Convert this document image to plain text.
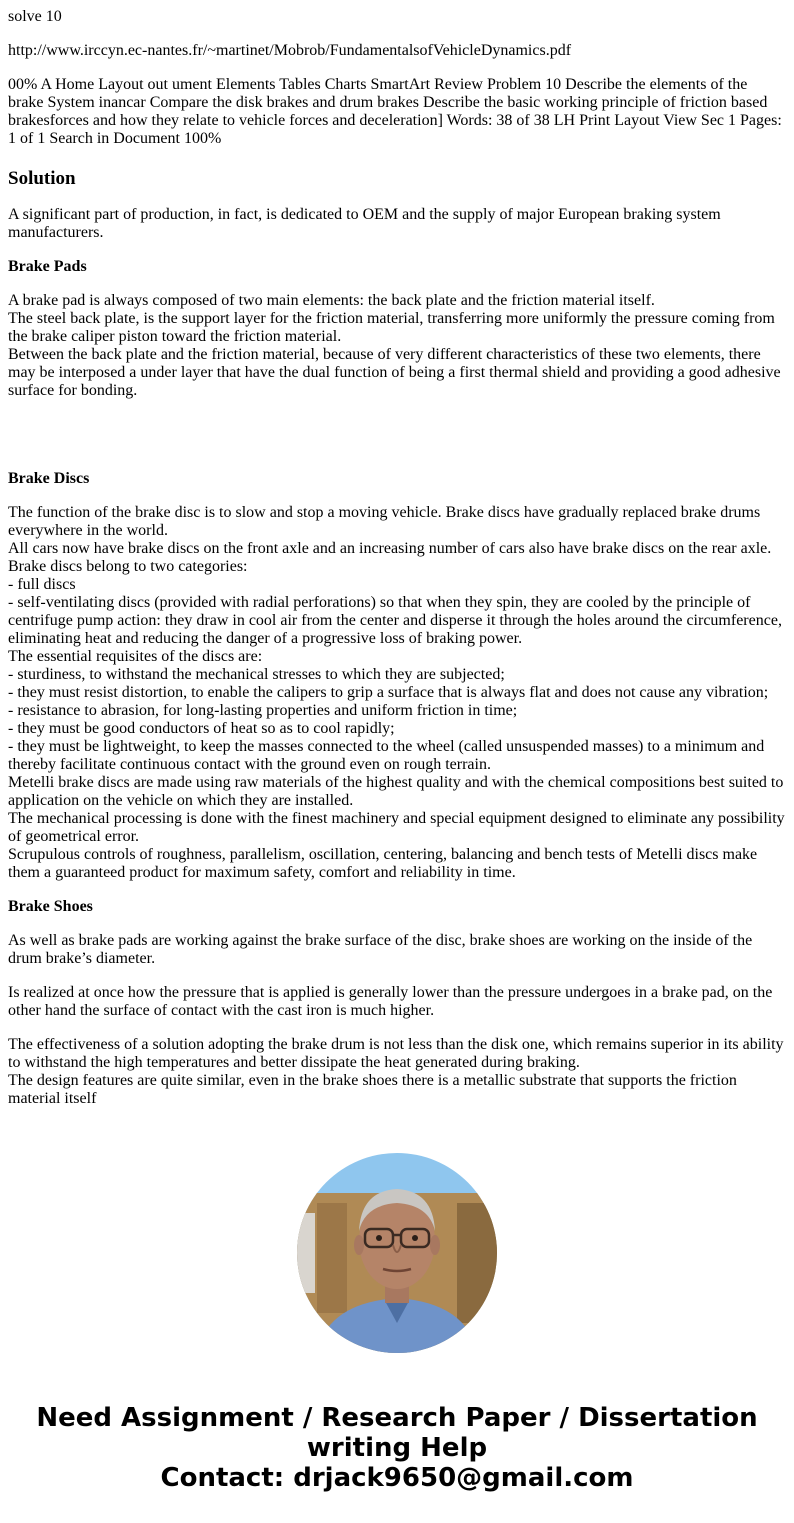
solve 10

http://www.irccyn.ec-nantes.fr/~martinet/Mobrob/FundamentalsofVehicleDynamics.pdf

00% A Home Layout out ument Elements Tables Charts SmartArt Review Problem 10 Describe the elements of the brake System inancar Compare the disk brakes and drum brakes Describe the basic working principle of friction based brakesforces and how they relate to vehicle forces and deceleration] Words: 38 of 38 LH Print Layout View Sec 1 Pages: 1 of 1 Search in Document 100%

Solution

A significant part of production, in fact, is dedicated to OEM and the supply of major European braking system manufacturers.

Brake Pads

A brake pad is always composed of two main elements: the back plate and the friction material itself.
The steel back plate, is the support layer for the friction material, transferring more uniformly the pressure coming from the brake caliper piston toward the friction material.
Between the back plate and the friction material, because of very different characteristics of these two elements, there may be interposed a under layer that have the dual function of being a first thermal shield and providing a good adhesive surface for bonding.

Brake Discs

The function of the brake disc is to slow and stop a moving vehicle. Brake discs have gradually replaced brake drums everywhere in the world.
All cars now have brake discs on the front axle and an increasing number of cars also have brake discs on the rear axle.
Brake discs belong to two categories:
- full discs
- self-ventilating discs (provided with radial perforations) so that when they spin, they are cooled by the principle of centrifuge pump action: they draw in cool air from the center and disperse it through the holes around the circumference, eliminating heat and reducing the danger of a progressive loss of braking power.
The essential requisites of the discs are:
- sturdiness, to withstand the mechanical stresses to which they are subjected;
- they must resist distortion, to enable the calipers to grip a surface that is always flat and does not cause any vibration;
- resistance to abrasion, for long-lasting properties and uniform friction in time;
- they must be good conductors of heat so as to cool rapidly;
- they must be lightweight, to keep the masses connected to the wheel (called unsuspended masses) to a minimum and thereby facilitate continuous contact with the ground even on rough terrain.
Metelli brake discs are made using raw materials of the highest quality and with the chemical compositions best suited to application on the vehicle on which they are installed.
The mechanical processing is done with the finest machinery and special equipment designed to eliminate any possibility of geometrical error.
Scrupulous controls of roughness, parallelism, oscillation, centering, balancing and bench tests of Metelli discs make them a guaranteed product for maximum safety, comfort and reliability in time.

Brake Shoes

As well as brake pads are working against the brake surface of the disc, brake shoes are working on the inside of the drum brake’s diameter.

Is realized at once how the pressure that is applied is generally lower than the pressure undergoes in a brake pad, on the other hand the surface of contact with the cast iron is much higher.

The effectiveness of a solution adopting the brake drum is not less than the disk one, which remains superior in its ability to withstand the high temperatures and better dissipate the heat generated during braking.
The design features are quite similar, even in the brake shoes there is a metallic substrate that supports the friction material itself

Need Assignment / Research Paper / Dissertation
writing Help
Contact: drjack9650@gmail.com
